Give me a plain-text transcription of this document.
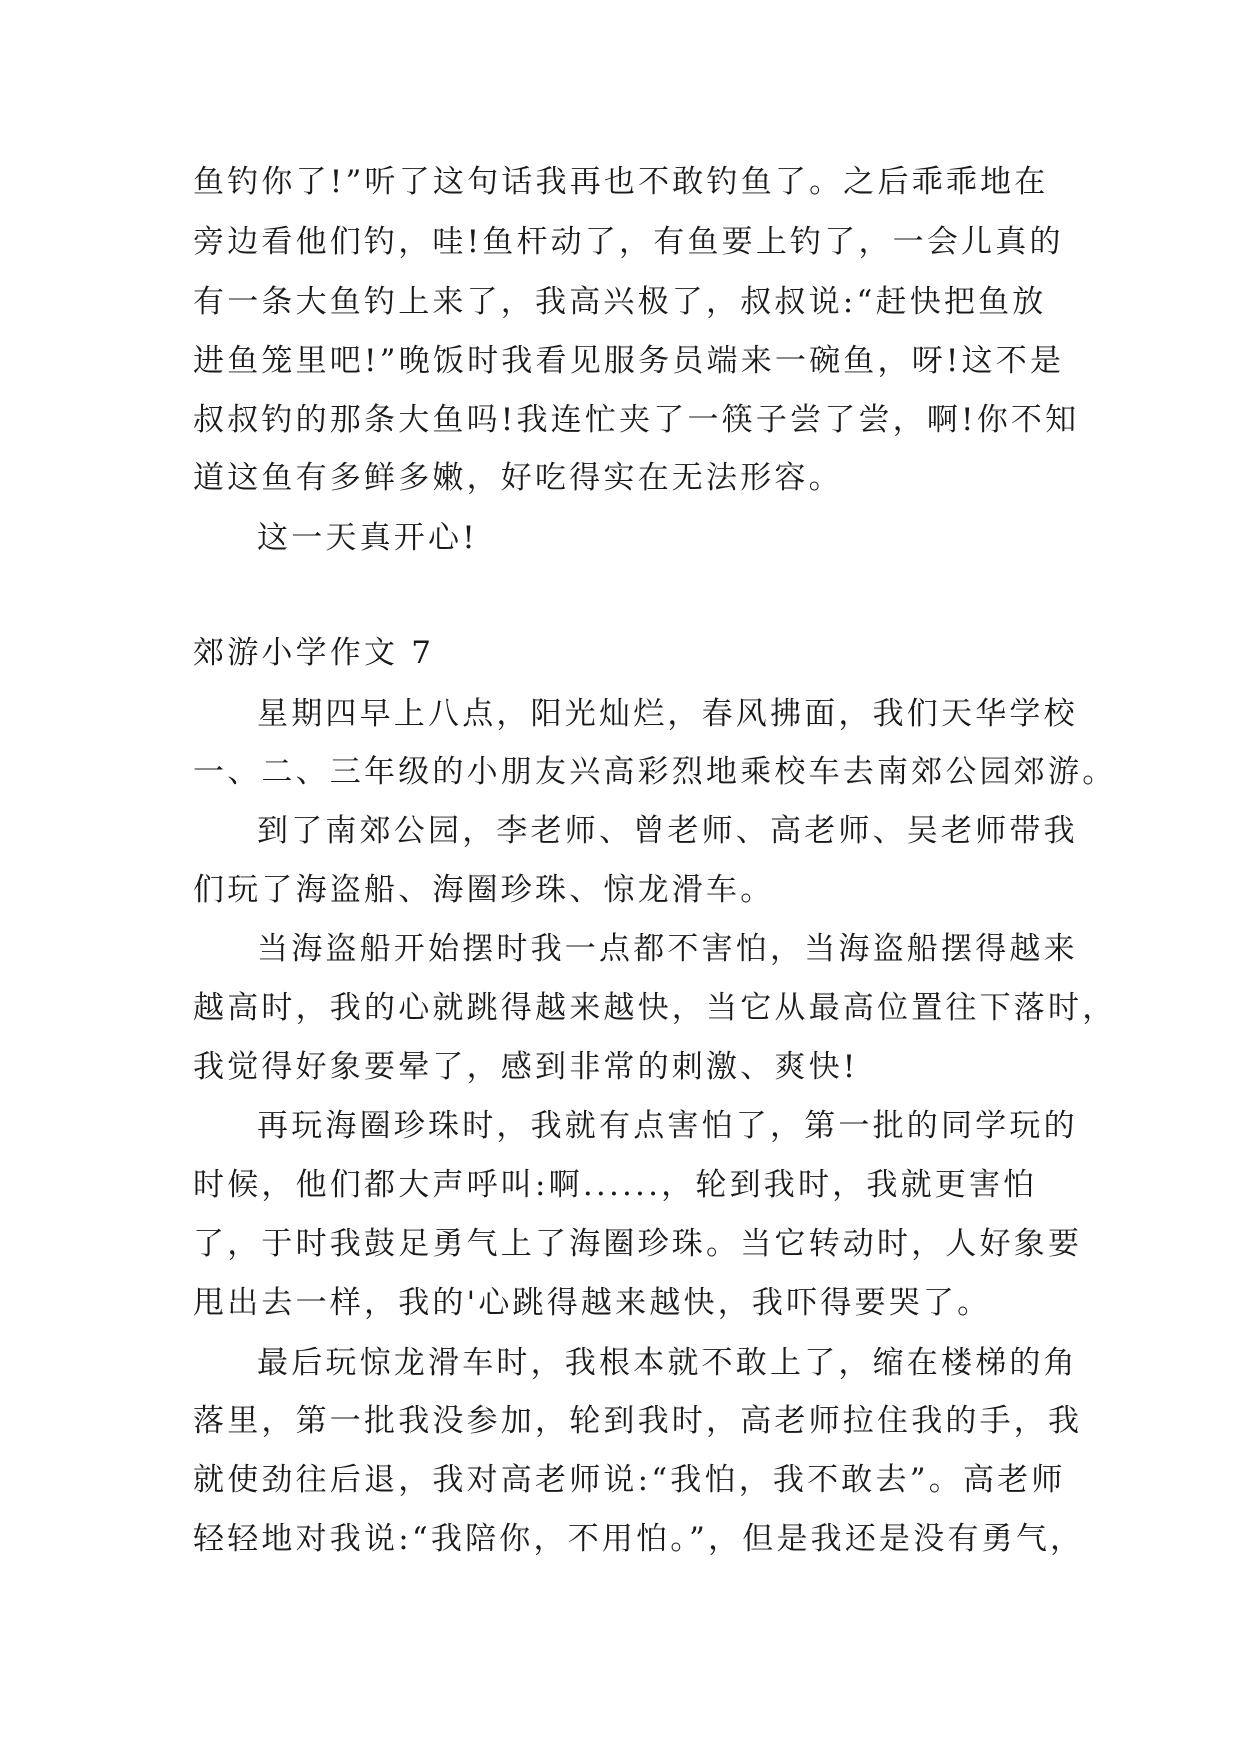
鱼钓你了!”听了这句话我再也不敢钓鱼了。之后乖乖地在
旁边看他们钓，哇!鱼杆动了，有鱼要上钓了，一会儿真的
有一条大鱼钓上来了，我高兴极了，叔叔说:“赶快把鱼放
进鱼笼里吧!”晚饭时我看见服务员端来一碗鱼，呀!这不是
叔叔钓的那条大鱼吗!我连忙夹了一筷子尝了尝，啊!你不知
道这鱼有多鲜多嫩，好吃得实在无法形容。
这一天真开心!
郊游小学作文 7
星期四早上八点，阳光灿烂，春风拂面，我们天华学校
一、二、三年级的小朋友兴高彩烈地乘校车去南郊公园郊游。
到了南郊公园，李老师、曾老师、高老师、吴老师带我
们玩了海盗船、海圈珍珠、惊龙滑车。
当海盗船开始摆时我一点都不害怕，当海盗船摆得越来
越高时，我的心就跳得越来越快，当它从最高位置往下落时，
我觉得好象要晕了，感到非常的刺激、爽快!
再玩海圈珍珠时，我就有点害怕了，第一批的同学玩的
时候，他们都大声呼叫:啊......，轮到我时，我就更害怕
了，于时我鼓足勇气上了海圈珍珠。当它转动时，人好象要
甩出去一样，我的'心跳得越来越快，我吓得要哭了。
最后玩惊龙滑车时，我根本就不敢上了，缩在楼梯的角
落里，第一批我没参加，轮到我时，高老师拉住我的手，我
就使劲往后退，我对高老师说:“我怕，我不敢去”。高老师
轻轻地对我说:“我陪你，不用怕。”，但是我还是没有勇气，
